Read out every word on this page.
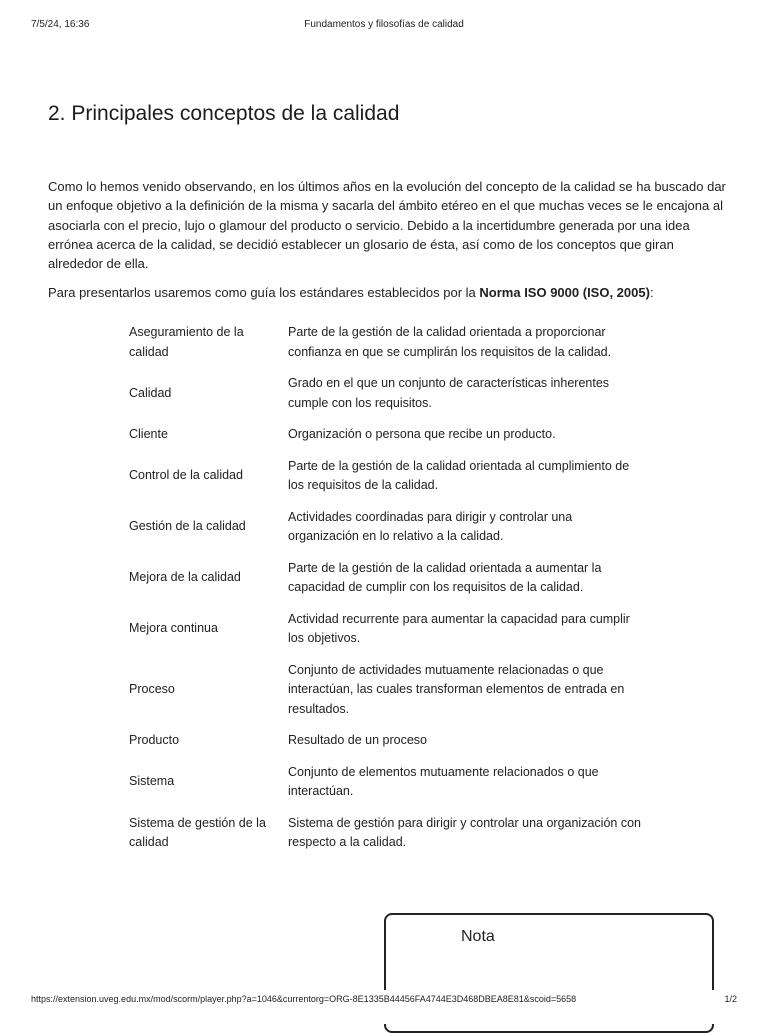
7/5/24, 16:36	Fundamentos y filosofías de calidad
2. Principales conceptos de la calidad

Como lo hemos venido observando, en los últimos años en la evolución del concepto de la calidad se ha buscado dar un enfoque objetivo a la definición de la misma y sacarla del ámbito etéreo en el que muchas veces se le encajona al asociarla con el precio, lujo o glamour del producto o servicio. Debido a la incertidumbre generada por una idea errónea acerca de la calidad, se decidió establecer un glosario de ésta, así como de los conceptos que giran alrededor de ella.

Para presentarlos usaremos como guía los estándares establecidos por la Norma ISO 9000 (ISO, 2005):

Aseguramiento de la calidad	Parte de la gestión de la calidad orientada a proporcionar confianza en que se cumplirán los requisitos de la calidad.
Calidad	Grado en el que un conjunto de características inherentes cumple con los requisitos.
Cliente	Organización o persona que recibe un producto.
Control de la calidad	Parte de la gestión de la calidad orientada al cumplimiento de los requisitos de la calidad.
Gestión de la calidad	Actividades coordinadas para dirigir y controlar una organización en lo relativo a la calidad.
Mejora de la calidad	Parte de la gestión de la calidad orientada a aumentar la capacidad de cumplir con los requisitos de la calidad.
Mejora continua	Actividad recurrente para aumentar la capacidad para cumplir los objetivos.
Proceso	Conjunto de actividades mutuamente relacionadas o que interactúan, las cuales transforman elementos de entrada en resultados.
Producto	Resultado de un proceso
Sistema	Conjunto de elementos mutuamente relacionados o que interactúan.
Sistema de gestión de la calidad	Sistema de gestión para dirigir y controlar una organización con respecto a la calidad.
Nota
https://extension.uveg.edu.mx/mod/scorm/player.php?a=1046&currentorg=ORG-8E1335B44456FA4744E3D468DBEA8E81&scoid=5658	1/2
